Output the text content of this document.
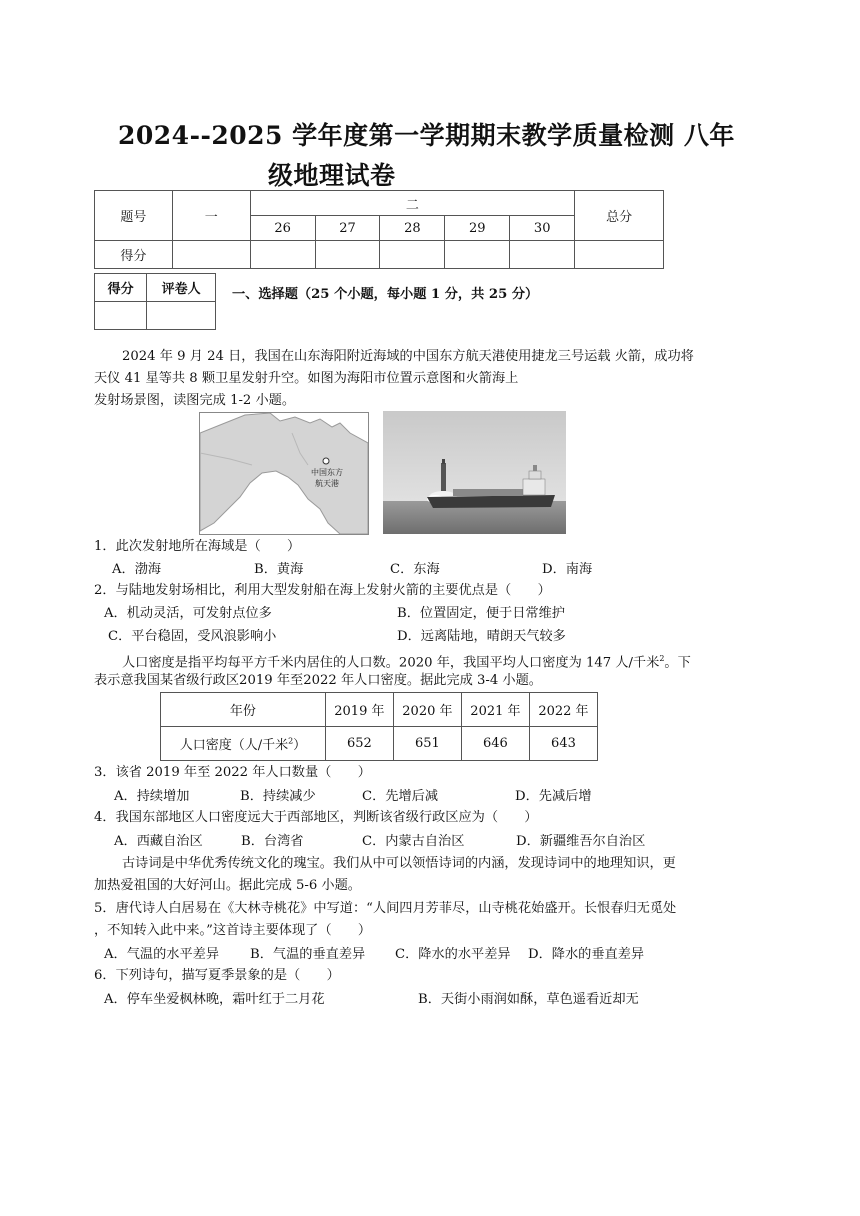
2024--2025 学年度第一学期期末教学质量检测 八年
级地理试卷
题号	一	二					总分
		26	27	28	29	30	
得分							
得分	评卷人
	一、选择题（25 个小题，每小题 1 分，共 25 分）
2024 年 9 月 24 日，我国在山东海阳附近海域的中国东方航天港使用捷龙三号运载 火箭，成功将
天仪 41 星等共 8 颗卫星发射升空。如图为海阳市位置示意图和火箭海上
发射场景图，读图完成 1-2 小题。
中国东方
航天港
1．此次发射地所在海域是（　　）
A．渤海	B．黄海	C．东海	D．南海
2．与陆地发射场相比，利用大型发射船在海上发射火箭的主要优点是（　　）
A．机动灵活，可发射点位多	B．位置固定，便于日常维护
C．平台稳固，受风浪影响小	D．远离陆地，晴朗天气较多
人口密度是指平均每平方千米内居住的人口数。2020 年，我国平均人口密度为 147 人/千米$^2$。下
表示意我国某省级行政区2019 年至2022 年人口密度。据此完成 3-4 小题。
年份	2019 年	2020 年	2021 年	2022 年
人口密度（人/千米$^2$）	652	651	646	643
3．该省 2019 年至 2022 年人口数量（　　）
A．持续增加	B．持续减少	C．先增后减	D．先减后增
4．我国东部地区人口密度远大于西部地区，判断该省级行政区应为（　　）
A．西藏自治区	B．台湾省	C．内蒙古自治区	D．新疆维吾尔自治区
古诗词是中华优秀传统文化的瑰宝。我们从中可以领悟诗词的内涵，发现诗词中的地理知识，更
加热爱祖国的大好河山。据此完成 5-6 小题。
5．唐代诗人白居易在《大林寺桃花》中写道：“人间四月芳菲尽，山寺桃花始盛开。长恨春归无觅处
，不知转入此中来。”这首诗主要体现了（　　）
A．气温的水平差异 B．气温的垂直差异 C．降水的水平差异 D．降水的垂直差异
6．下列诗句，描写夏季景象的是（　　）
A．停车坐爱枫林晚，霜叶红于二月花	B．天街小雨润如酥，草色遥看近却无
